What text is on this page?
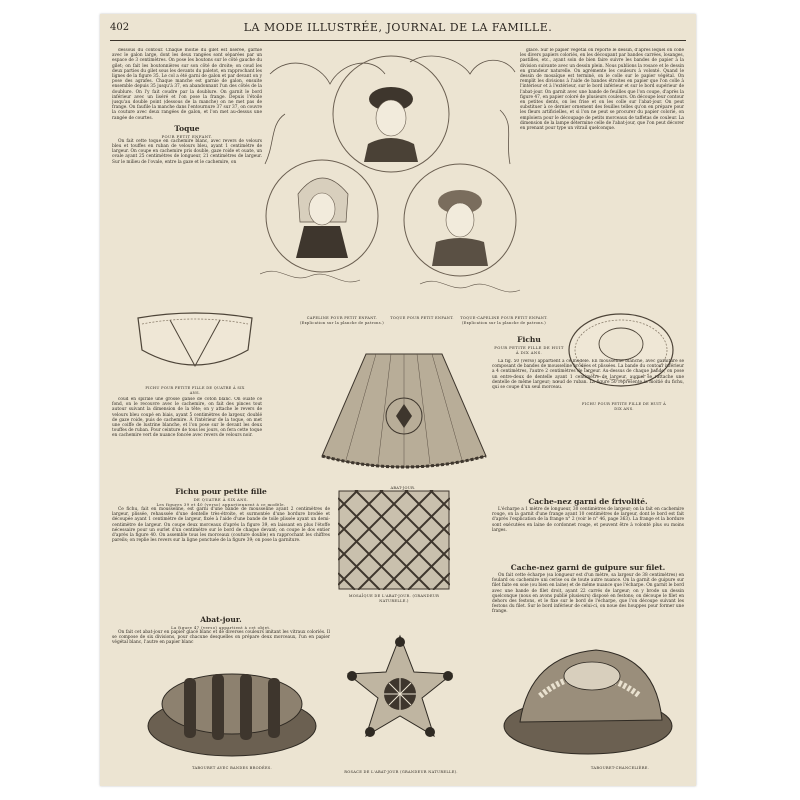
402	LA MODE ILLUSTRÉE, JOURNAL DE LA FAMILLE.

dessous du contour. Chaque moitié du gilet est lisérée, garnie avec le galon large, dont les deux rangées sont séparées par un espace de 3 centimètres. On pose les boutons sur le côté gauche du gilet; on fait les boutonnières sur son côté de droite; on coud les deux parties du gilet sous les devants du paletot, en rapprochant les lignes de la figure 35. Le col a été garni de galon et par devant on y pose des agrafes. Chaque manche est garnie de galon, ensuite ensemble depuis 35 jusqu'à 37, en abandonnant l'un des côtés de la doublure. On l'y fait coudre par la doublure. On garnit le bord inférieur avec un liséré et l'on pose la frange. Depuis l'étoile jusqu'au double point (dessous de la manche) on ne met pas de frange. On faufile la manche dans l'entournure 37 sur 37, on couvre la couture avec deux rangées de galon, et l'on met au-dessus une rangée de courtes.

Toque
POUR PETIT ENFANT.

On fait cette toque en cachemire blanc, avec revers de velours bleu et touffes en ruban de velours bleu, ayant 1 centimètre de largeur. On coupe en cachemire pris double, gaze roide et ouate, un ovale ayant 25 centimètres de longueur, 21 centimètres de largeur. Sur le milieu de l'ovale, entre la gaze et le cachemire, on

CAPELINE POUR PETIT ENFANT. (Explication sur la planche de patrons.)
TOQUE POUR PETIT ENFANT.	TOQUE-CAPELINE POUR PETIT ENFANT. (Explication sur la planche de patrons.)

glacé. Sur le papier végétal on reporte le dessin, d'après lequel on colle les divers papiers coloriés, en les découpant par bandes carrées, losanges, pastilles, etc., ayant soin de bien faire suivre les bandes de papier à la division suivante avec un dessin plein. Nous publions la rosace et le dessin en grandeur naturelle. On agrémente les couleurs à volonté. Quand le dessin de mosaïque est terminé, on le colle sur le papier végétal. On remplit les divisions à l'aide de bandes étroites en papier que l'on colle à l'intérieur et à l'extérieur, sur le bord inférieur et sur le bord supérieur de l'abat-jour. On garnit avec une bande de feuilles que l'on coupe, d'après la figure 47, en papier coloré de plusieurs couleurs. On découpe leur contour en petites dents, on les frise et on les colle sur l'abat-jour. On peut substituer à ce dernier ornement des feuilles telles qu'on en prépare pour les fleurs artificielles, et si l'on ne peut se procurer du papier colorié, on emploiera pour le découpage de petits morceaux de taffetas de couleur. La dimension de la lampe détermine celle de l'abat-jour, que l'on peut décorer en prenant pour type un vitrail quelconque.

FICHU POUR PETITE FILLE DE QUATRE À SIX ANS.

coud en spirale une grosse ganse de coton blanc. On ouate ce fond, on le recouvre avec le cachemire, on fait des pinces tout autour suivant la dimension de la tête; on y attache le revers de velours bleu coupé en biais, ayant 5 centimètres de largeur, doublé de gaze roide, puis de cachemire. À l'intérieur de la toque, on met une coiffe de lustrine blanche, et l'on pose sur le devant les deux touffes de ruban. Pour ceinture de tous les jours, on fera cette toque en cachemire vert de nuance foncée avec revers de velours noir.

ABAT-JOUR.
FICHU POUR PETITE FILLE DE HUIT À DIX ANS.
Fichu
POUR PETITE FILLE DE HUIT À DIX ANS.

La fig. 50 (verso) appartient à ce modèle. En mousseline blanche, avec garniture se composant de bandes de mousseline brodées et plissées. La bande du contour inférieur a 4 centimètres, l'autre 2 centimètres de largeur. Au-dessus de chaque bande, on pose un entre-deux de dentelle ayant 1 centimètre de largeur, auquel se rattache une dentelle de même largeur; nœud de ruban. La figure 50 représente la moitié du fichu, qui se coupe d'un seul morceau.

Fichu pour petite fille
DE QUATRE À SIX ANS.
Les figures 39 et 40 (verso) appartiennent à ce modèle.

Ce fichu, fait en mousseline, est garni d'une bande de mousseline ayant 2 centimètres de largeur, plissée, rehaussée d'une dentelle très-étroite, et surmontée d'une bordure brodée et découpée ayant 1 centimètre de largeur, fixée à l'aide d'une bande de toile plissée ayant un demi-centimètre de largeur. On coupe deux morceaux d'après la figure 39, en laissant en plus l'étoffe nécessaire pour un ourlet d'un centimètre sur le bord de chaque devant; on coupe le dos entier d'après la figure 40. On assemble tous les morceaux (couture double) en rapprochant les chiffres pareils; on replie les revers sur la ligne ponctuée de la figure 39; on pose la garniture.

Abat-jour.
La figure 47 (verso) appartient à cet objet.

On fait cet abat-jour en papier glacé blanc et de diverses couleurs imitant les vitraux coloriés. Il se compose de six divisions, pour chacune desquelles on prépare deux morceaux, l'un en papier végétal blanc, l'autre en papier blanc

MOSAÏQUE DE L'ABAT-JOUR. (GRANDEUR NATURELLE.)
Cache-nez garni de frivolité.

L'écharpe a 1 mètre de longueur, 30 centimètres de largeur; on la fait en cachemire rouge, on la garnit d'une frange ayant 10 centimètres de largeur, dont le bord est fait d'après l'explication de la frange n° 2 (voir le n° 46, page 363). La frange et la bordure sont exécutées en laine de cordonnet rouge, et peuvent être à volonté plus ou moins larges.

Cache-nez garni de guipure sur filet.

On fait cette écharpe (sa longueur est d'un mètre, sa largeur de 38 centimètres) en foulard ou cachemire uni cerise ou de toute autre nuance. On la garnit de guipure sur filet faite en soie (ou bien en laine) et de même nuance que l'écharpe. On garnit le bord avec une bande de filet droit, ayant 22 carrés de largeur; on y brode un dessin quelconque (nous en avons publié plusieurs) disposé en festons; on découpe le filet en dehors des festons, et le fixe sur le bord de l'écharpe, que l'on découpe suivant les festons du filet. Sur le bord inférieur de celui-ci, on noue des houppes pour former une frange.

TABOURET AVEC BANDES BRODÉES.
ROSACE DE L'ABAT-JOUR (GRANDEUR NATURELLE).
TABOURET-CHANCELIÈRE.
